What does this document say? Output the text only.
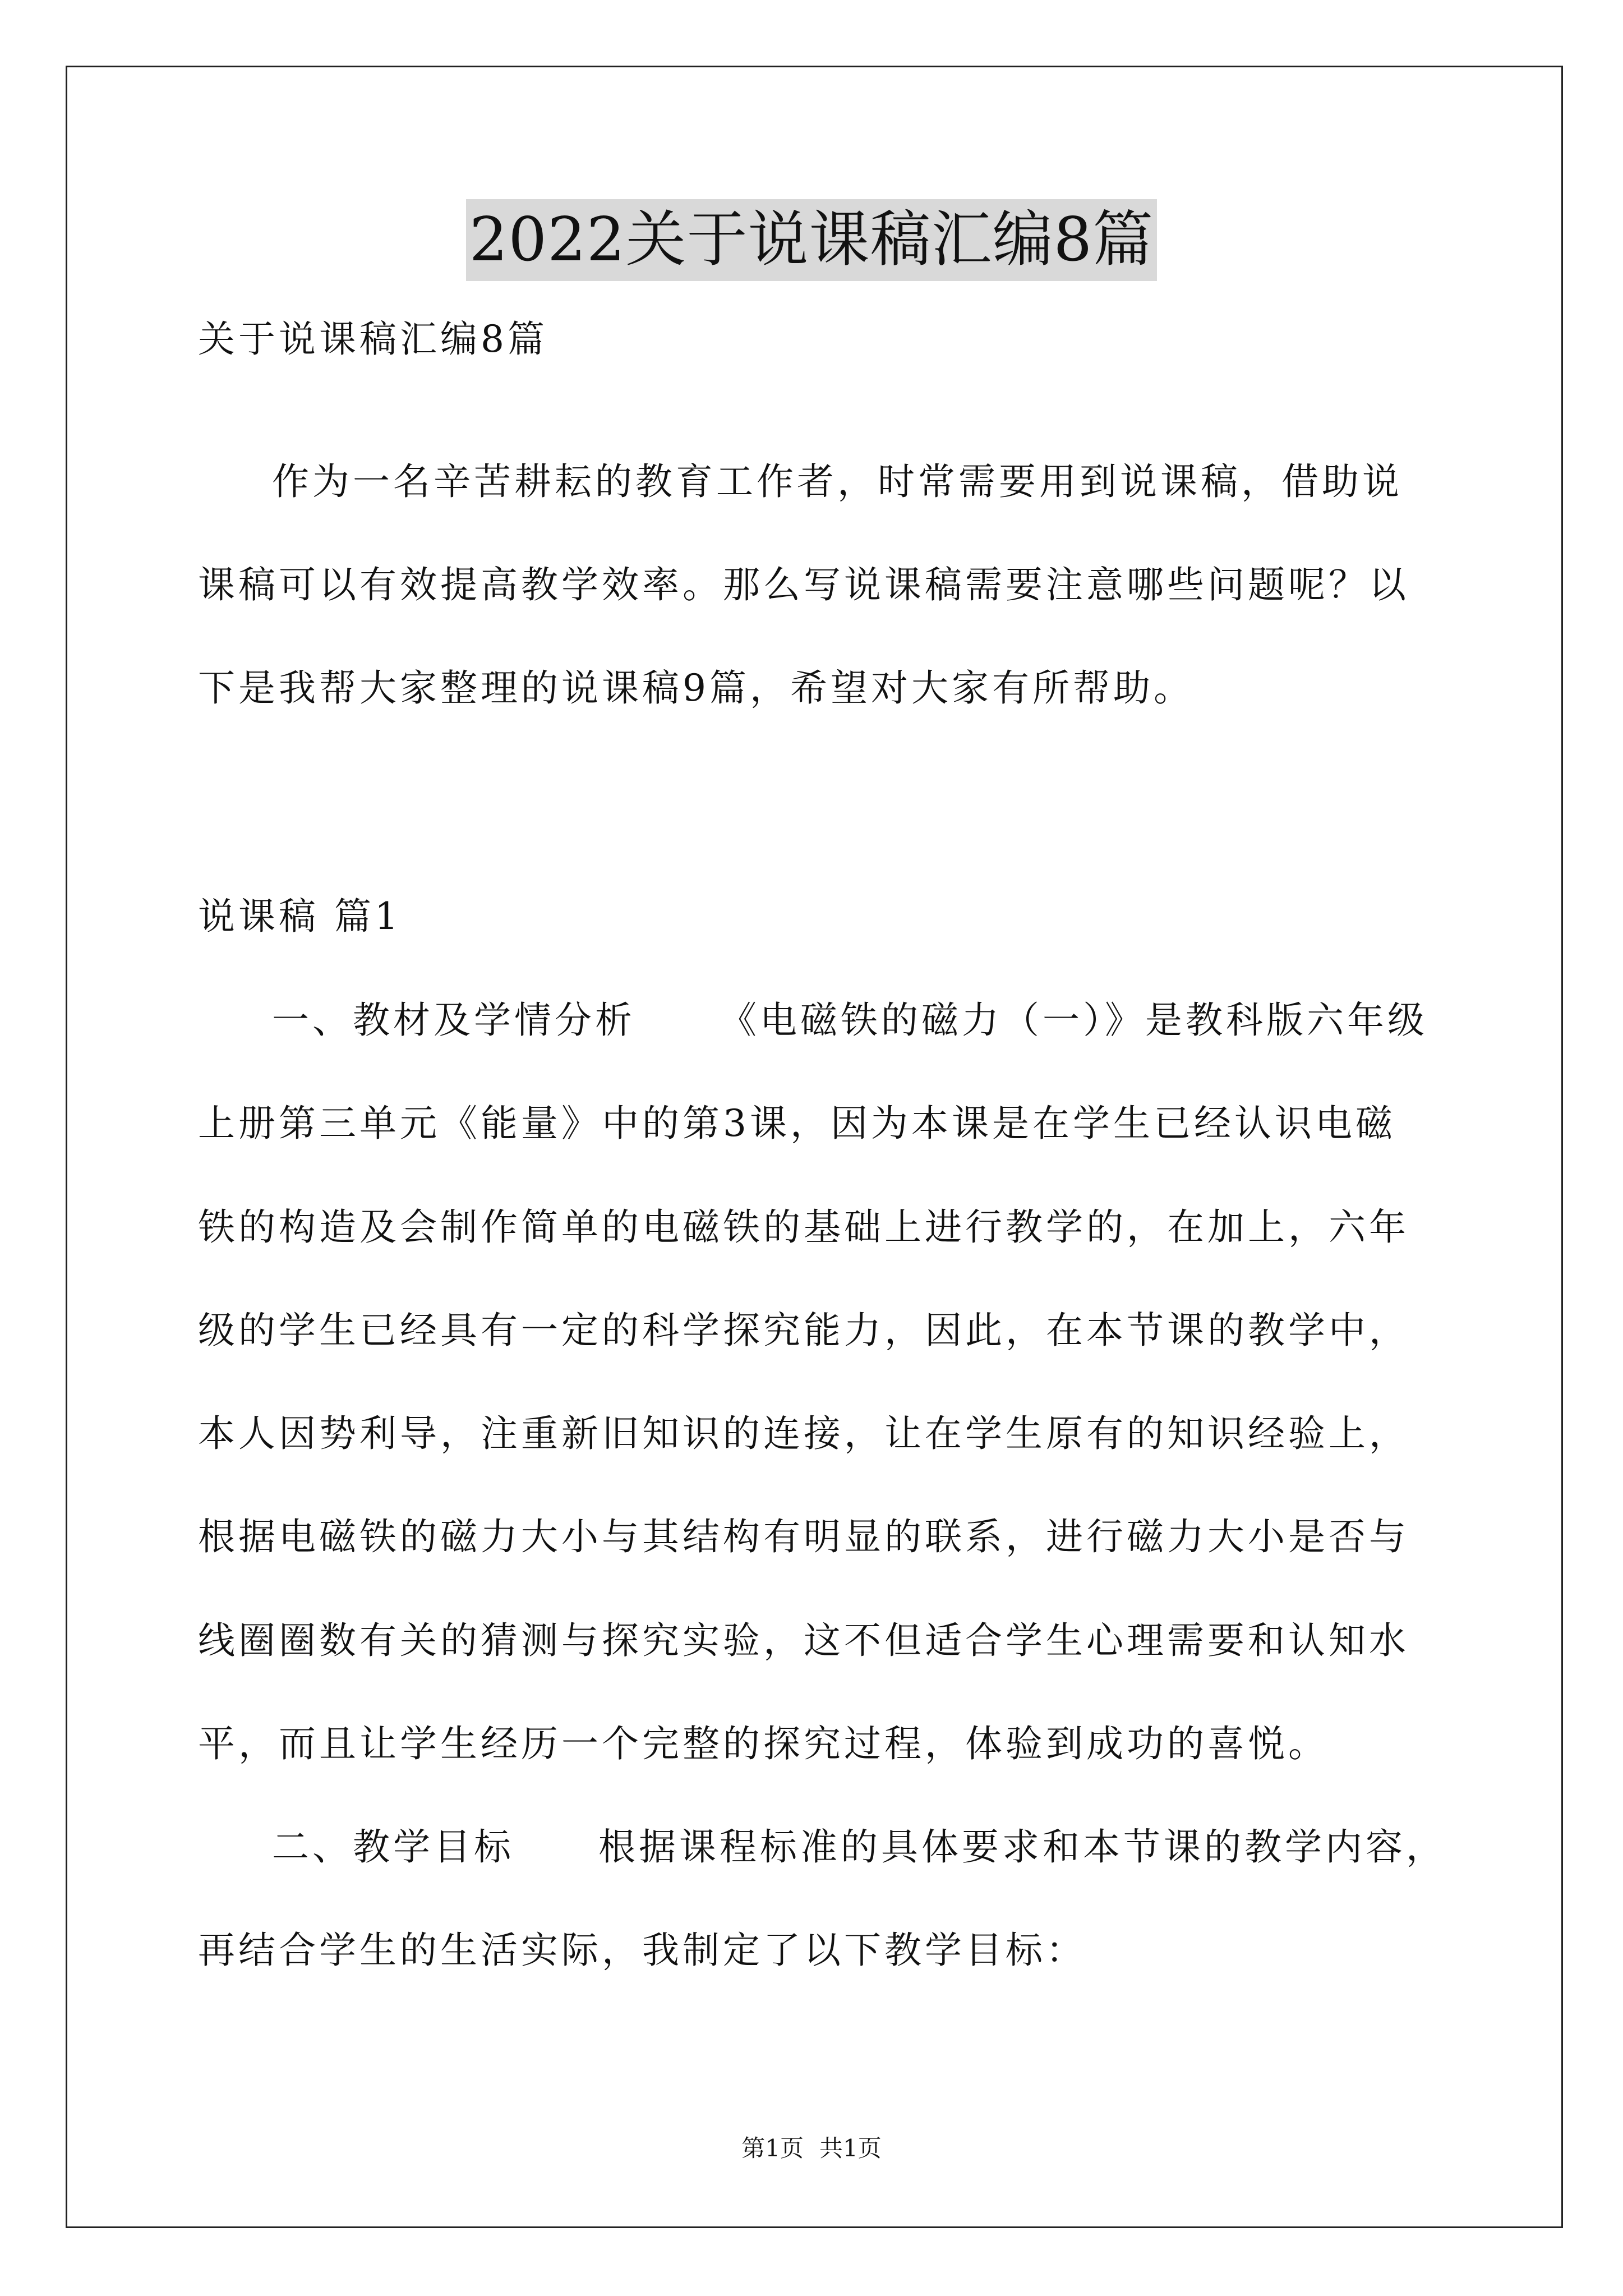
2022关于说课稿汇编8篇
关于说课稿汇编8篇
作为一名辛苦耕耘的教育工作者，时常需要用到说课稿，借助说
课稿可以有效提高教学效率。那么写说课稿需要注意哪些问题呢？以
下是我帮大家整理的说课稿9篇，希望对大家有所帮助。
说课稿 篇1
一、教材及学情分析 《电磁铁的磁力（一）》是教科版六年级
上册第三单元《能量》中的第3课，因为本课是在学生已经认识电磁
铁的构造及会制作简单的电磁铁的基础上进行教学的，在加上，六年
级的学生已经具有一定的科学探究能力，因此，在本节课的教学中，
本人因势利导，注重新旧知识的连接，让在学生原有的知识经验上，
根据电磁铁的磁力大小与其结构有明显的联系，进行磁力大小是否与
线圈圈数有关的猜测与探究实验，这不但适合学生心理需要和认知水
平，而且让学生经历一个完整的探究过程，体验到成功的喜悦。
二、教学目标 根据课程标准的具体要求和本节课的教学内容，
再结合学生的生活实际，我制定了以下教学目标：
第1页 共1页
